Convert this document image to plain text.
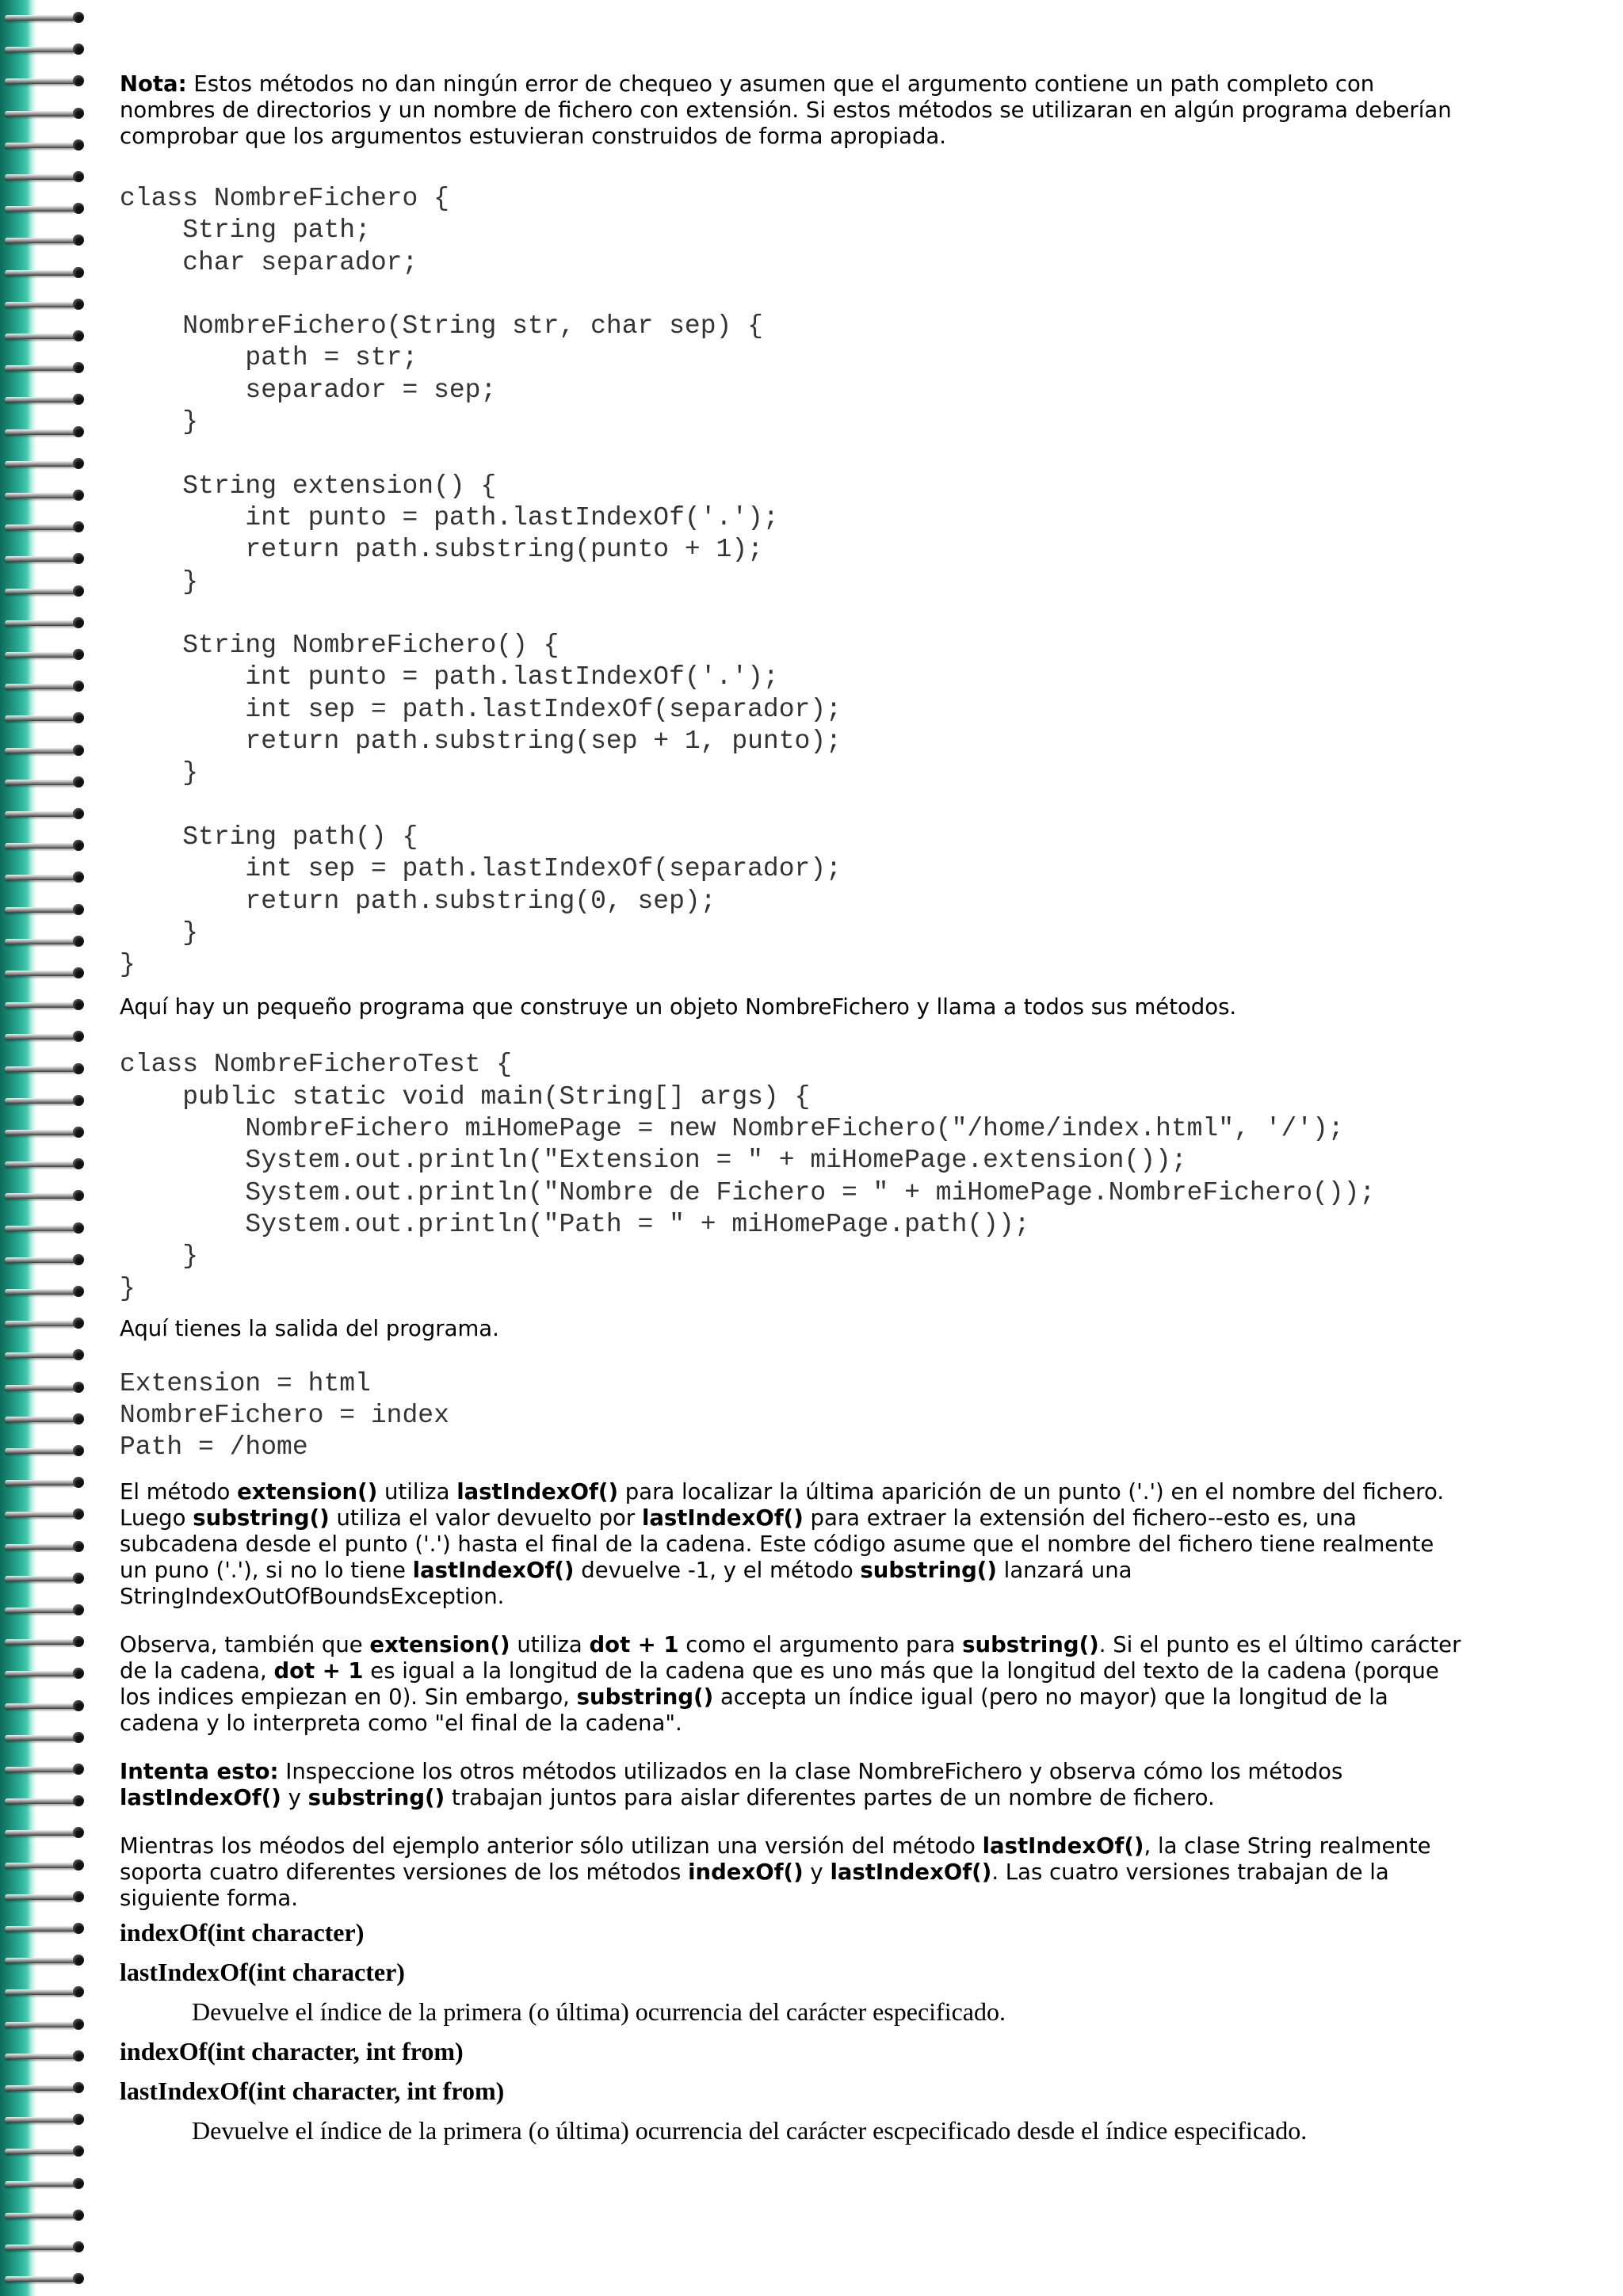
Nota: Estos métodos no dan ningún error de chequeo y asumen que el argumento contiene un path completo con nombres de directorios y un nombre de fichero con extensión. Si estos métodos se utilizaran en algún programa deberían comprobar que los argumentos estuvieran construidos de forma apropiada.

class NombreFichero {
String path;
char separador;

NombreFichero(String str, char sep) {
path = str;
separador = sep;
}

String extension() {
int punto = path.lastIndexOf('.');
return path.substring(punto + 1);
}

String NombreFichero() {
int punto = path.lastIndexOf('.');
int sep = path.lastIndexOf(separador);
return path.substring(sep + 1, punto);
}

String path() {
int sep = path.lastIndexOf(separador);
return path.substring(0, sep);
}
}

Aquí hay un pequeño programa que construye un objeto NombreFichero y llama a todos sus métodos.

class NombreFicheroTest {
public static void main(String[] args) {
NombreFichero miHomePage = new NombreFichero("/home/index.html", '/');
System.out.println("Extension = " + miHomePage.extension());
System.out.println("Nombre de Fichero = " + miHomePage.NombreFichero());
System.out.println("Path = " + miHomePage.path());
}
}

Aquí tienes la salida del programa.

Extension = html
NombreFichero = index
Path = /home

El método extension() utiliza lastIndexOf() para localizar la última aparición de un punto ('.') en el nombre del fichero. Luego substring() utiliza el valor devuelto por lastIndexOf() para extraer la extensión del fichero--esto es, una subcadena desde el punto ('.') hasta el final de la cadena. Este código asume que el nombre del fichero tiene realmente un puno ('.'), si no lo tiene lastIndexOf() devuelve -1, y el método substring() lanzará una StringIndexOutOfBoundsException.

Observa, también que extension() utiliza dot + 1 como el argumento para substring(). Si el punto es el último carácter de la cadena, dot + 1 es igual a la longitud de la cadena que es uno más que la longitud del texto de la cadena (porque los indices empiezan en 0). Sin embargo, substring() accepta un índice igual (pero no mayor) que la longitud de la cadena y lo interpreta como "el final de la cadena".

Intenta esto: Inspeccione los otros métodos utilizados en la clase NombreFichero y observa cómo los métodos lastIndexOf() y substring() trabajan juntos para aislar diferentes partes de un nombre de fichero.

Mientras los méodos del ejemplo anterior sólo utilizan una versión del método lastIndexOf(), la clase String realmente soporta cuatro diferentes versiones de los métodos indexOf() y lastIndexOf(). Las cuatro versiones trabajan de la siguiente forma.

indexOf(int character)

lastIndexOf(int character)

Devuelve el índice de la primera (o última) ocurrencia del carácter especificado.

indexOf(int character, int from)

lastIndexOf(int character, int from)

Devuelve el índice de la primera (o última) ocurrencia del carácter escpecificado desde el índice especificado.
